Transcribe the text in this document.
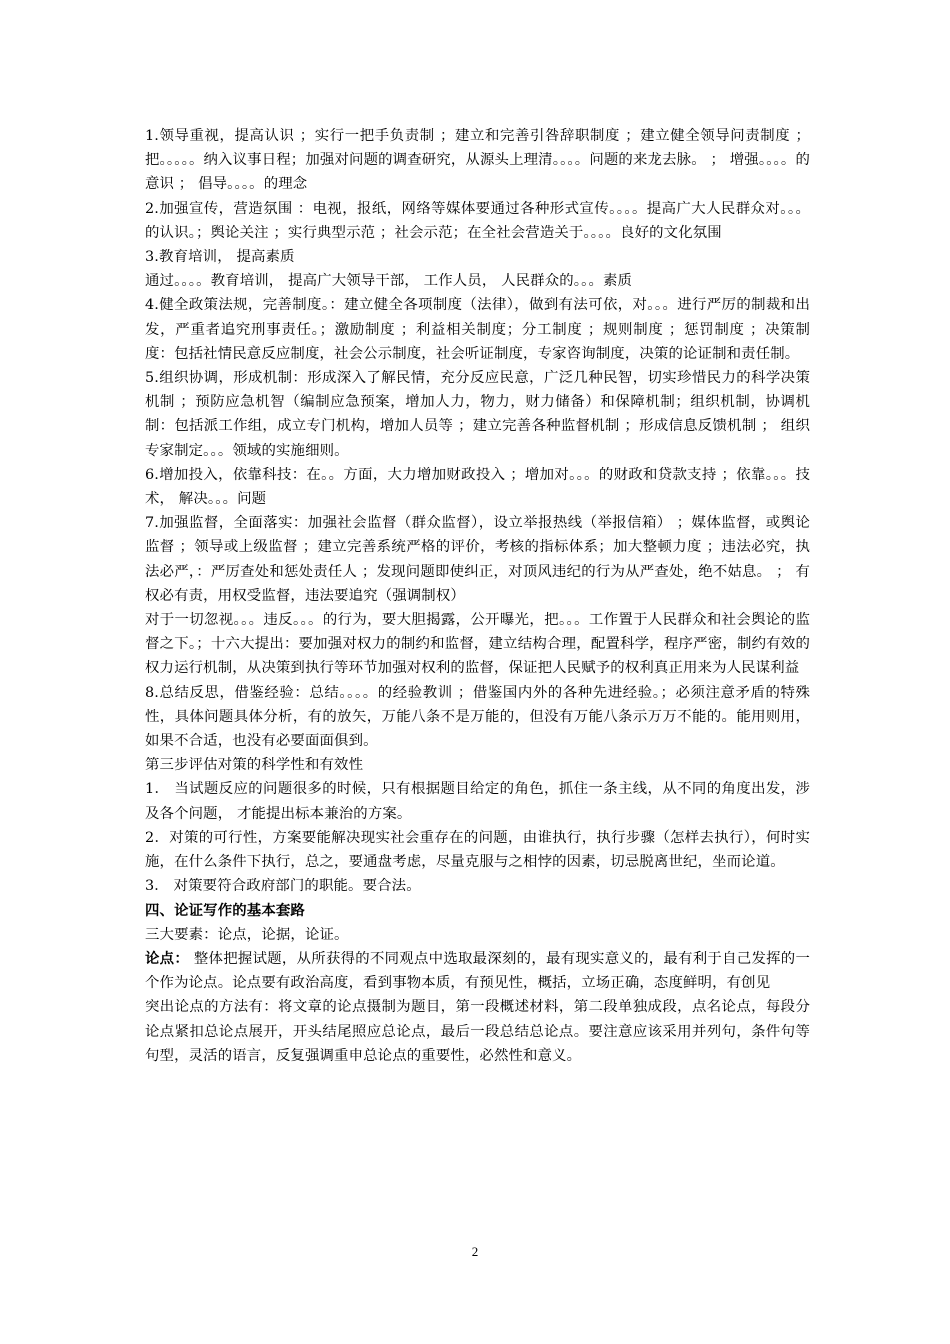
1.领导重视，提高认识 ；实行一把手负责制 ；建立和完善引咎辞职制度 ；建立健全领导问责制度 ；把。。。。。纳入议事日程；加强对问题的调查研究，从源头上理清。。。。问题的来龙去脉。 ； 增强。。。。的意识 ； 倡导。。。。的理念

2.加强宣传，营造氛围 ：电视，报纸，网络等媒体要通过各种形式宣传。。。。提高广大人民群众对。。。的认识。；舆论关注 ；实行典型示范 ；社会示范；在全社会营造关于。。。。良好的文化氛围

3.教育培训， 提高素质

通过。。。。教育培训， 提高广大领导干部， 工作人员， 人民群众的。。。素质

4.健全政策法规，完善制度。：建立健全各项制度（法律），做到有法可依，对。。。进行严厉的制裁和出发，严重者追究刑事责任。；激励制度 ；利益相关制度；分工制度 ；规则制度 ；惩罚制度 ；决策制度：包括社情民意反应制度，社会公示制度，社会听证制度，专家咨询制度，决策的论证制和责任制。

5.组织协调，形成机制：形成深入了解民情，充分反应民意，广泛几种民智，切实珍惜民力的科学决策机制 ；预防应急机智（编制应急预案，增加人力，物力，财力储备）和保障机制；组织机制，协调机制：包括派工作组，成立专门机构，增加人员等 ；建立完善各种监督机制 ；形成信息反馈机制 ； 组织专家制定。。。领域的实施细则。

6.增加投入，依靠科技：在。。方面，大力增加财政投入 ；增加对。。。的财政和贷款支持 ；依靠。。。技术， 解决。。。问题

7.加强监督，全面落实：加强社会监督（群众监督），设立举报热线（举报信箱） ；媒体监督，或舆论监督 ；领导或上级监督 ；建立完善系统严格的评价，考核的指标体系；加大整顿力度 ；违法必究，执法必严，：严厉查处和惩处责任人 ；发现问题即使纠正，对顶风违纪的行为从严查处，绝不姑息。 ； 有权必有责，用权受监督，违法要追究（强调制权）

对于一切忽视。。。违反。。。的行为，要大胆揭露，公开曝光，把。。。工作置于人民群众和社会舆论的监督之下。；十六大提出：要加强对权力的制约和监督，建立结构合理，配置科学，程序严密，制约有效的权力运行机制，从决策到执行等环节加强对权利的监督，保证把人民赋予的权利真正用来为人民谋利益

8.总结反思，借鉴经验：总结。。。。的经验教训 ；借鉴国内外的各种先进经验。；必须注意矛盾的特殊性，具体问题具体分析，有的放矢，万能八条不是万能的，但没有万能八条示万万不能的。能用则用，如果不合适，也没有必要面面俱到。

第三步评估对策的科学性和有效性

1． 当试题反应的问题很多的时候，只有根据题目给定的角色，抓住一条主线，从不同的角度出发，涉及各个问题， 才能提出标本兼治的方案。

2．对策的可行性，方案要能解决现实社会重存在的问题，由谁执行，执行步骤（怎样去执行），何时实施，在什么条件下执行，总之，要通盘考虑，尽量克服与之相悖的因素，切忌脱离世纪，坐而论道。

3． 对策要符合政府部门的职能。要合法。

四、论证写作的基本套路

三大要素：论点，论据，论证。

论点： 整体把握试题，从所获得的不同观点中选取最深刻的，最有现实意义的，最有利于自己发挥的一个作为论点。论点要有政治高度，看到事物本质，有预见性，概括，立场正确，态度鲜明，有创见

突出论点的方法有：将文章的论点摄制为题目，第一段概述材料，第二段单独成段，点名论点，每段分论点紧扣总论点展开，开头结尾照应总论点，最后一段总结总论点。要注意应该采用并列句，条件句等句型，灵活的语言，反复强调重申总论点的重要性，必然性和意义。

2
